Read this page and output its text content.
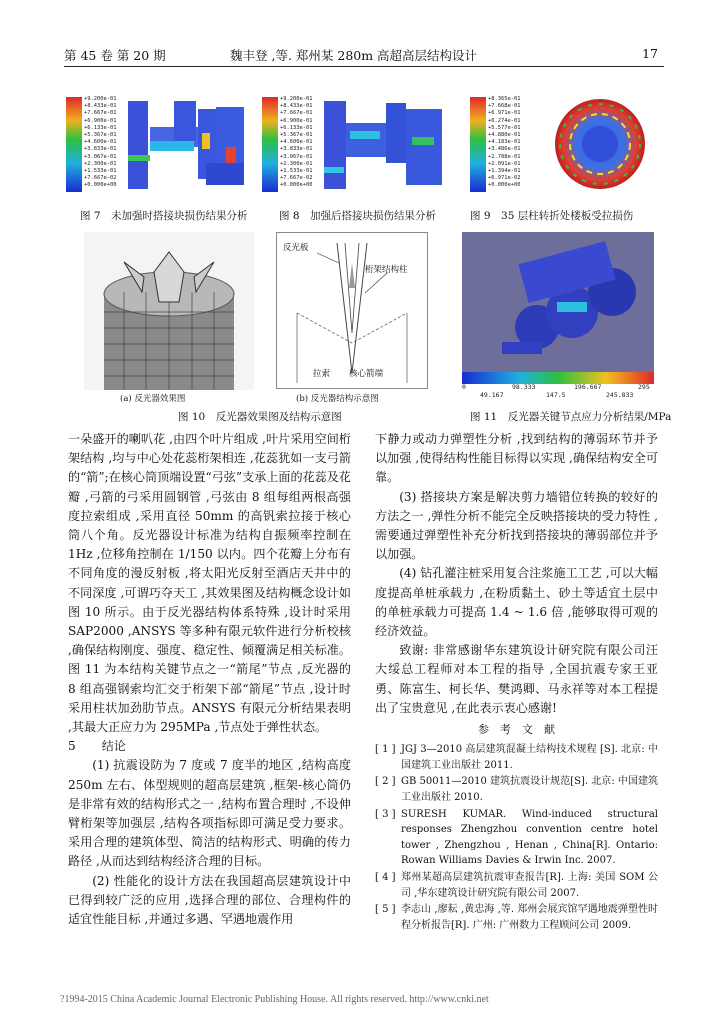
第 45 卷 第 20 期	魏丰登 ,等. 郑州某 280m 高超高层结构设计	17
+9.200e-01
+8.433e-01
+7.667e-01
+6.900e-01
+6.133e-01
+5.367e-01
+4.600e-01
+3.833e-01
+3.067e-01
+2.300e-01
+1.533e-01
+7.667e-02
+0.000e+00
图 7　未加强时搭接块损伤结果分析
+9.200e-01
+8.433e-01
+7.667e-01
+6.900e-01
+6.133e-01
+5.367e-01
+4.600e-01
+3.833e-01
+3.067e-01
+2.300e-01
+1.533e-01
+7.667e-02
+0.000e+00
图 8　加强后搭接块损伤结果分析
+8.365e-01
+7.668e-01
+6.971e-01
+6.274e-01
+5.577e-01
+4.880e-01
+4.183e-01
+3.486e-01
+2.788e-01
+2.091e-01
+1.394e-01
+6.971e-02
+0.000e+00
图 9　35 层柱转折处楼板受拉损伤
反光板
桁架结构柱
拉索 核心箭端
(a) 反光器效果图	(b) 反光器结构示意图
图 10　反光器效果图及结构示意图
0	98.333	196.667	295
49.167	147.5	245.833
图 11　反光器关键节点应力分析结果/MPa

一朵盛开的喇叭花 ,由四个叶片组成 ,叶片采用空间桁架结构 ,均与中心处花蕊桁架相连 ,花蕊犹如一支弓箭的“箭”;在核心筒顶端设置“弓弦”支承上面的花蕊及花瓣 ,弓箭的弓采用圆钢管 ,弓弦由 8 组每组两根高强度拉索组成 ,采用直径 50mm 的高钒索拉接于核心筒八个角。反光器设计标准为结构自振频率控制在 1Hz ,位移角控制在 1/150 以内。四个花瓣上分布有不同角度的漫反射板 ,将太阳光反射至酒店天井中的不同深度 ,可谓巧夺天工 ,其效果图及结构概念设计如图 10 所示。由于反光器结构体系特殊 ,设计时采用 SAP2000 ,ANSYS 等多种有限元软件进行分析校核 ,确保结构刚度、强度、稳定性、倾覆满足相关标准。图 11 为本结构关键节点之一“箭尾”节点 ,反光器的 8 组高强钢索均汇交于桁架下部“箭尾”节点 ,设计时采用柱状加劲肋节点。ANSYS 有限元分析结果表明 ,其最大正应力为 295MPa ,节点处于弹性状态。

5 结论

(1) 抗震设防为 7 度或 7 度半的地区 ,结构高度 250m 左右、体型规则的超高层建筑 ,框架-核心筒仍是非常有效的结构形式之一 ,结构布置合理时 ,不设伸臂桁架等加强层 ,结构各项指标即可满足受力要求。采用合理的建筑体型、简洁的结构形式、明确的传力路径 ,从而达到结构经济合理的目标。

(2) 性能化的设计方法在我国超高层建筑设计中已得到较广泛的应用 ,选择合理的部位、合理构件的适宜性能目标 ,并通过多遇、罕遇地震作用

下静力或动力弹塑性分析 ,找到结构的薄弱环节并予以加强 ,使得结构性能目标得以实现 ,确保结构安全可靠。

(3) 搭接块方案是解决剪力墙错位转换的较好的方法之一 ,弹性分析不能完全反映搭接块的受力特性 ,需要通过弹塑性补充分析找到搭接块的薄弱部位并予以加强。

(4) 钻孔灌注桩采用复合注浆施工工艺 ,可以大幅度提高单桩承载力 ,在粉质黏土、砂土等适宜土层中的单桩承载力可提高 1.4 ~ 1.6 倍 ,能够取得可观的经济效益。

致谢: 非常感谢华东建筑设计研究院有限公司汪大绥总工程师对本工程的指导 ,全国抗震专家王亚勇、陈富生、柯长华、樊鸿卿、马永祥等对本工程提出了宝贵意见 ,在此表示衷心感谢!

参　考　文　献
[ 1 ] JGJ 3—2010 高层建筑混凝土结构技术规程 [S]. 北京: 中国建筑工业出版社 2011.
[ 2 ] GB 50011—2010 建筑抗震设计规范[S]. 北京: 中国建筑工业出版社 2010.
[ 3 ] SURESH KUMAR. Wind-induced structural responses Zhengzhou convention centre hotel tower , Zhengzhou , Henan , China[R]. Ontario: Rowan Williams Davies & Irwin Inc. 2007.
[ 4 ] 郑州某超高层建筑抗震审查报告[R]. 上海: 美国 SOM 公司 ,华东建筑设计研究院有限公司 2007.
[ 5 ] 李志山 ,廖耘 ,黄忠海 ,等. 郑州会展宾馆罕遇地震弹塑性时程分析报告[R]. 广州: 广州数力工程顾问公司 2009.
?1994-2015 China Academic Journal Electronic Publishing House. All rights reserved. http://www.cnki.net
